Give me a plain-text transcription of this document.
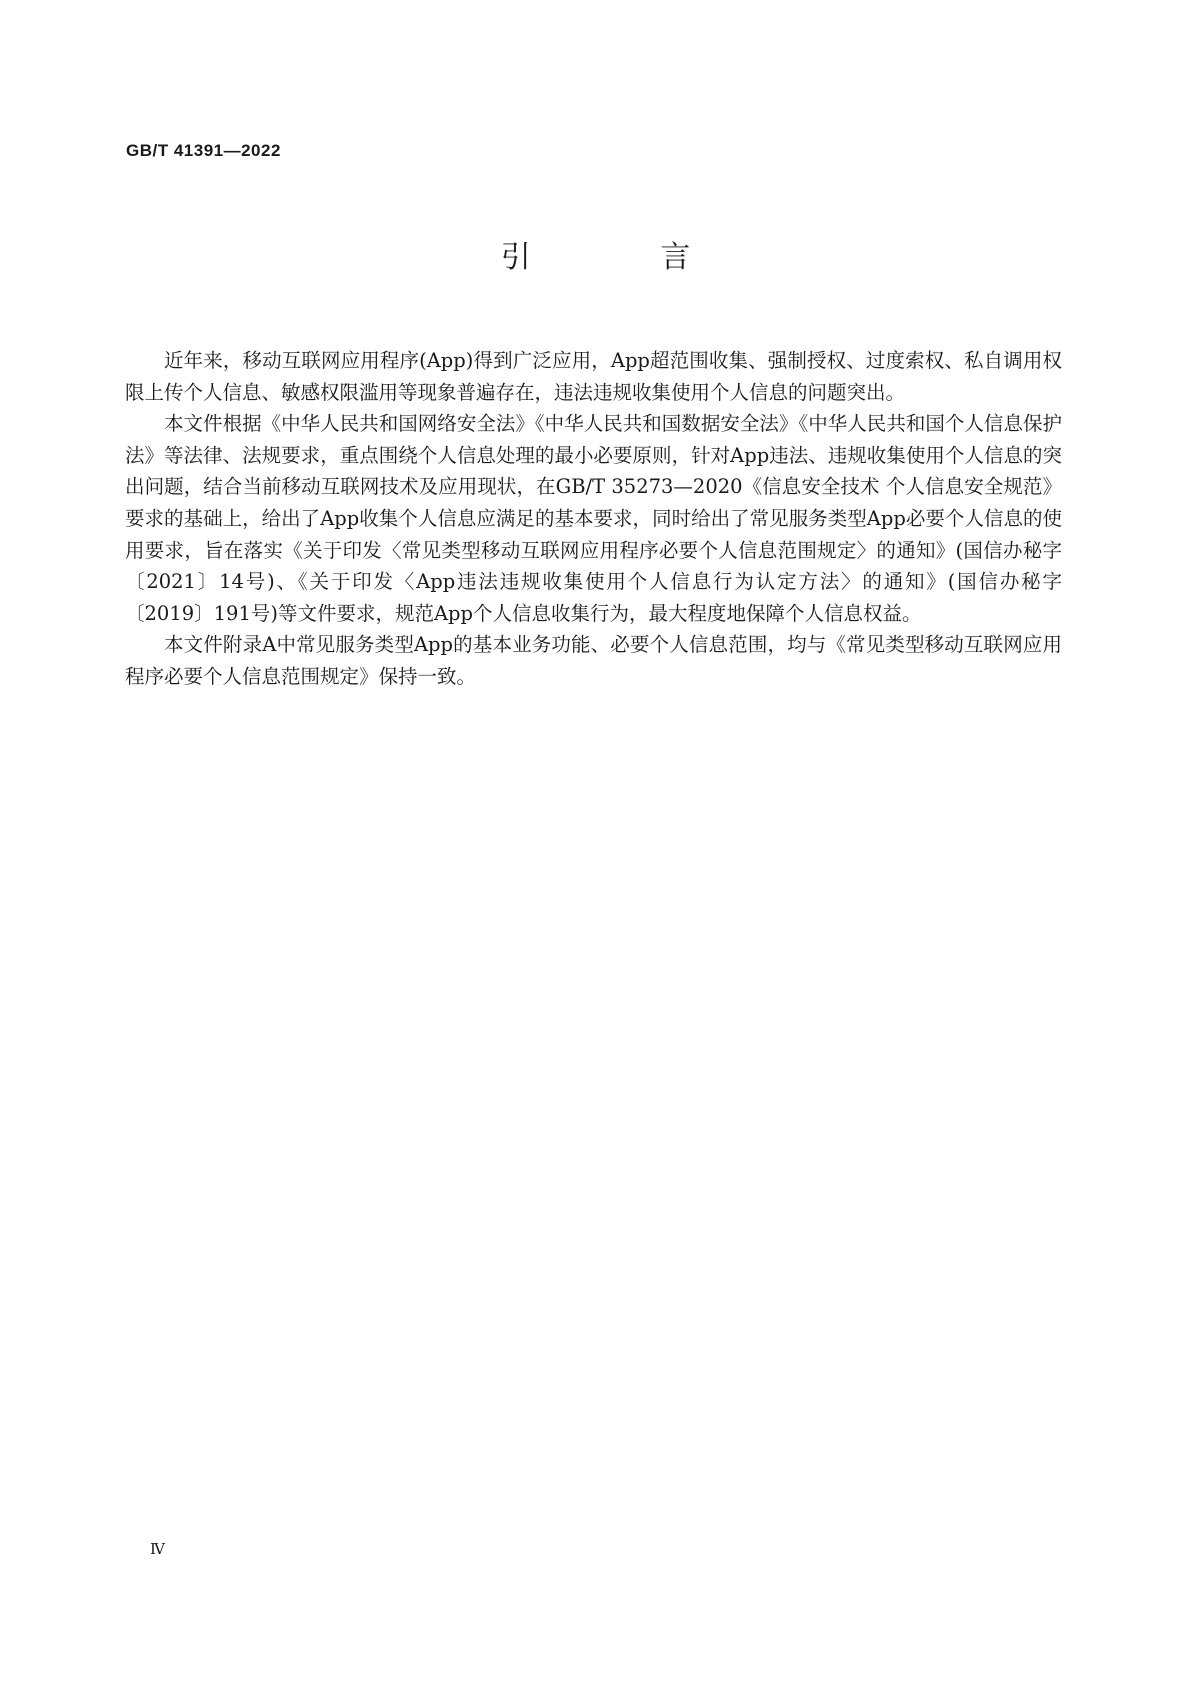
GB/T 41391—2022
引 言

近年来，移动互联网应用程序(App)得到广泛应用，App超范围收集、强制授权、过度索权、私自调用权限上传个人信息、敏感权限滥用等现象普遍存在，违法违规收集使用个人信息的问题突出。

本文件根据《中华人民共和国网络安全法》《中华人民共和国数据安全法》《中华人民共和国个人信息保护法》等法律、法规要求，重点围绕个人信息处理的最小必要原则，针对App违法、违规收集使用个人信息的突出问题，结合当前移动互联网技术及应用现状，在GB/T 35273—2020《信息安全技术 个人信息安全规范》要求的基础上，给出了App收集个人信息应满足的基本要求，同时给出了常见服务类型App必要个人信息的使用要求，旨在落实《关于印发〈常见类型移动互联网应用程序必要个人信息范围规定〉的通知》(国信办秘字〔2021〕14号)、《关于印发〈App违法违规收集使用个人信息行为认定方法〉的通知》(国信办秘字〔2019〕191号)等文件要求，规范App个人信息收集行为，最大程度地保障个人信息权益。

本文件附录A中常见服务类型App的基本业务功能、必要个人信息范围，均与《常见类型移动互联网应用程序必要个人信息范围规定》保持一致。

Ⅳ
